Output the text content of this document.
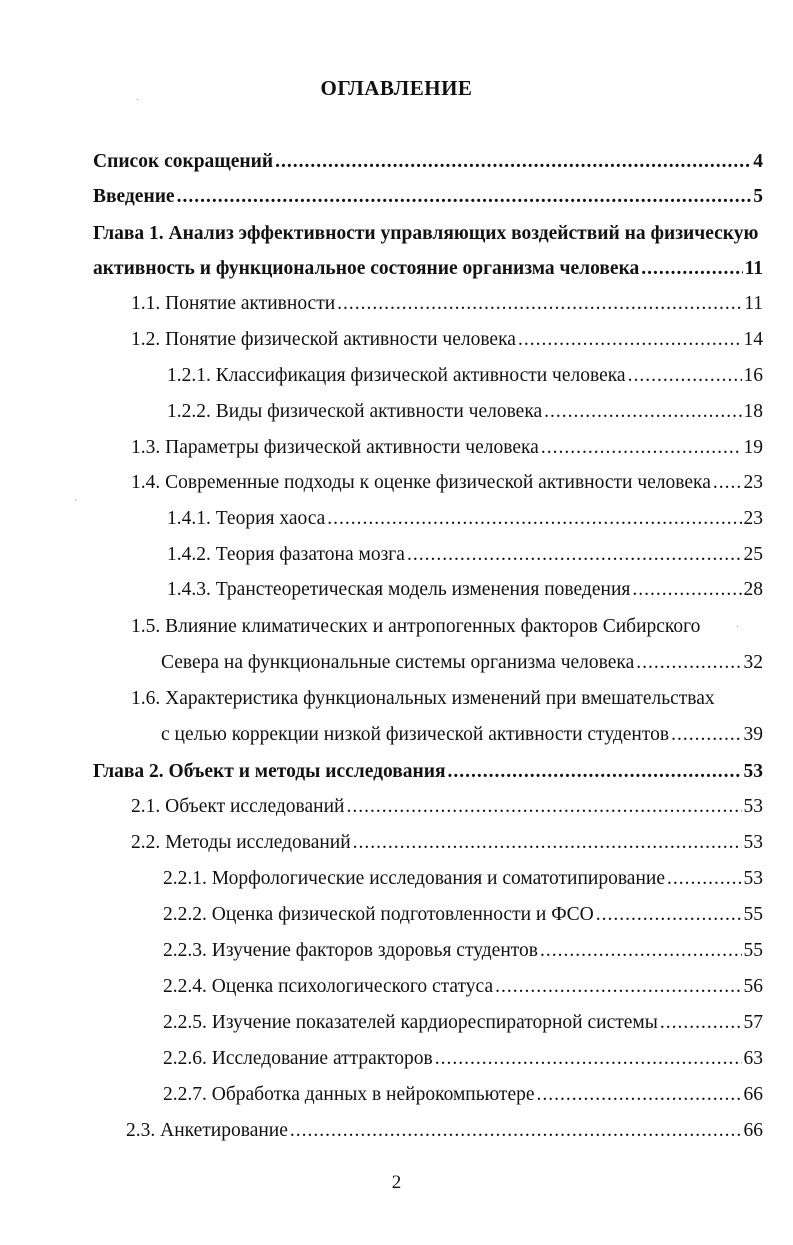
ОГЛАВЛЕНИЕ
Список сокращений .....	4
Введение .....	5
Глава 1. Анализ эффективности управляющих воздействий на физическую
активность и функциональное состояние организма человека .....	11
1.1. Понятие активности .....	11
1.2. Понятие физической активности человека .....	14
1.2.1. Классификация физической активности человека .....	16
1.2.2. Виды физической активности человека .....	18
1.3. Параметры физической активности человека .....	19
1.4. Современные подходы к оценке физической активности человека ..... 23
1.4.1. Теория хаоса .....	23
1.4.2. Теория фазатона мозга .....	25
1.4.3. Транстеоретическая модель изменения поведения .....	28
1.5. Влияние климатических и антропогенных факторов Сибирского
Севера на функциональные системы организма человека .....	32
1.6. Характеристика функциональных изменений при вмешательствах
с целью коррекции низкой физической активности студентов .....	39
Глава 2. Объект и методы исследования .....	53
2.1. Объект исследований .....	53
2.2. Методы исследований .....	53
2.2.1. Морфологические исследования и соматотипирование .....	53
2.2.2. Оценка физической подготовленности и ФСО .....	55
2.2.3. Изучение факторов здоровья студентов .....	55
2.2.4. Оценка психологического статуса .....	56
2.2.5. Изучение показателей кардиореспираторной системы .....	57
2.2.6. Исследование аттракторов .....	63
2.2.7. Обработка данных в нейрокомпьютере .....	66
2.3. Анкетирование .....	66
·
·
·
2
